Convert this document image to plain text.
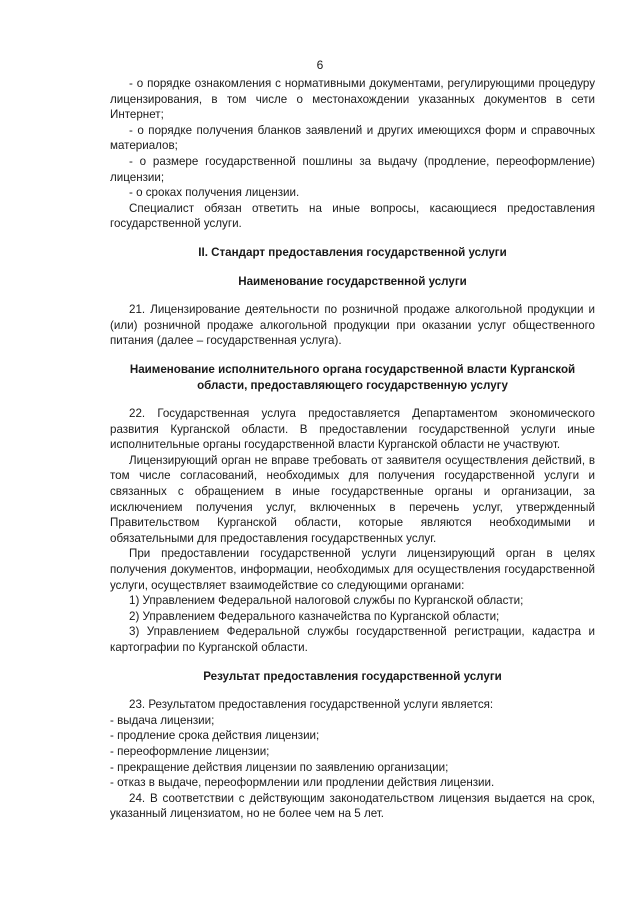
6

- о порядке ознакомления с нормативными документами, регулирующими процедуру лицензирования, в том числе о местонахождении указанных документов в сети Интернет;

- о порядке получения бланков заявлений и других имеющихся форм и справочных материалов;

- о размере государственной пошлины за выдачу (продление, переоформление) лицензии;

- о сроках получения лицензии.

Специалист обязан ответить на иные вопросы, касающиеся предоставления государственной услуги.

II. Стандарт предоставления государственной услуги

Наименование государственной услуги

21. Лицензирование деятельности по розничной продаже алкогольной продукции и (или) розничной продаже алкогольной продукции при оказании услуг общественного питания (далее – государственная услуга).

Наименование исполнительного органа государственной власти Курганской области, предоставляющего государственную услугу

22. Государственная услуга предоставляется Департаментом экономического развития Курганской области. В предоставлении государственной услуги иные исполнительные органы государственной власти Курганской области не участвуют.

Лицензирующий орган не вправе требовать от заявителя осуществления действий, в том числе согласований, необходимых для получения государственной услуги и связанных с обращением в иные государственные органы и организации, за исключением получения услуг, включенных в перечень услуг, утвержденный Правительством Курганской области, которые являются необходимыми и обязательными для предоставления государственных услуг.

При предоставлении государственной услуги лицензирующий орган в целях получения документов, информации, необходимых для осуществления государственной услуги, осуществляет взаимодействие со следующими органами:

1) Управлением Федеральной налоговой службы по Курганской области;

2) Управлением Федерального казначейства по Курганской области;

3) Управлением Федеральной службы государственной регистрации, кадастра и картографии по Курганской области.

Результат предоставления государственной услуги

23. Результатом предоставления государственной услуги является:

- выдача лицензии;

- продление срока действия лицензии;

- переоформление лицензии;

- прекращение действия лицензии по заявлению организации;

- отказ в выдаче, переоформлении или продлении действия лицензии.

24. В соответствии с действующим законодательством лицензия выдается на срок, указанный лицензиатом, но не более чем на 5 лет.
